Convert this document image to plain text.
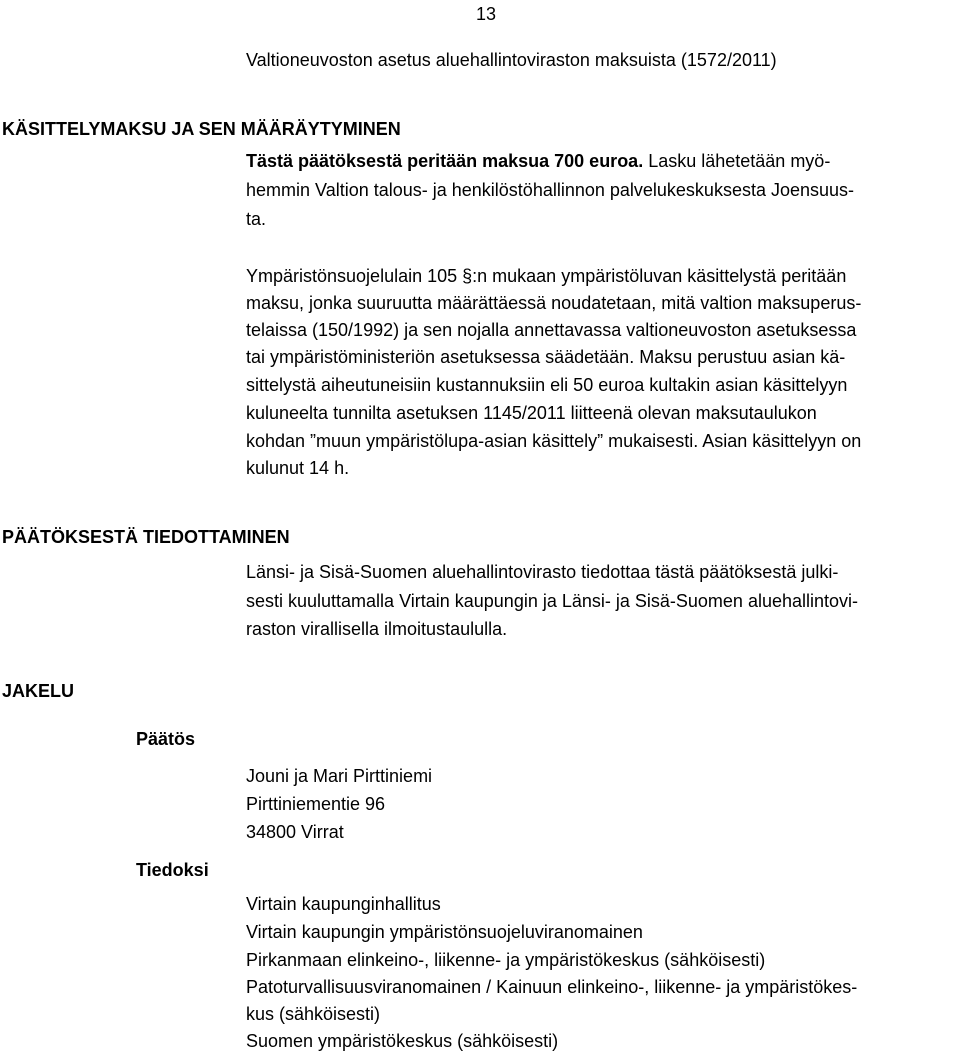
13
Valtioneuvoston asetus aluehallintoviraston maksuista (1572/2011)
KÄSITTELYMAKSU JA SEN MÄÄRÄYTYMINEN
Tästä päätöksestä peritään maksua 700 euroa. Lasku lähetetään myö-
hemmin Valtion talous- ja henkilöstöhallinnon palvelukeskuksesta Joensuus-
ta.
Ympäristönsuojelulain 105 §:n mukaan ympäristöluvan käsittelystä peritään
maksu, jonka suuruutta määrättäessä noudatetaan, mitä valtion maksuperus-
telaissa (150/1992) ja sen nojalla annettavassa valtioneuvoston asetuksessa
tai ympäristöministeriön asetuksessa säädetään. Maksu perustuu asian kä-
sittelystä aiheutuneisiin kustannuksiin eli 50 euroa kultakin asian käsittelyyn
kuluneelta tunnilta asetuksen 1145/2011 liitteenä olevan maksutaulukon
kohdan ”muun ympäristölupa-asian käsittely” mukaisesti. Asian käsittelyyn on
kulunut 14 h.
PÄÄTÖKSESTÄ TIEDOTTAMINEN
Länsi- ja Sisä-Suomen aluehallintovirasto tiedottaa tästä päätöksestä julki-
sesti kuuluttamalla Virtain kaupungin ja Länsi- ja Sisä-Suomen aluehallintovi-
raston virallisella ilmoitustaululla.
JAKELU
Päätös
Jouni ja Mari Pirttiniemi
Pirttiniementie 96
34800 Virrat
Tiedoksi
Virtain kaupunginhallitus
Virtain kaupungin ympäristönsuojeluviranomainen
Pirkanmaan elinkeino-, liikenne- ja ympäristökeskus (sähköisesti)
Patoturvallisuusviranomainen / Kainuun elinkeino-, liikenne- ja ympäristökes-
kus (sähköisesti)
Suomen ympäristökeskus (sähköisesti)
